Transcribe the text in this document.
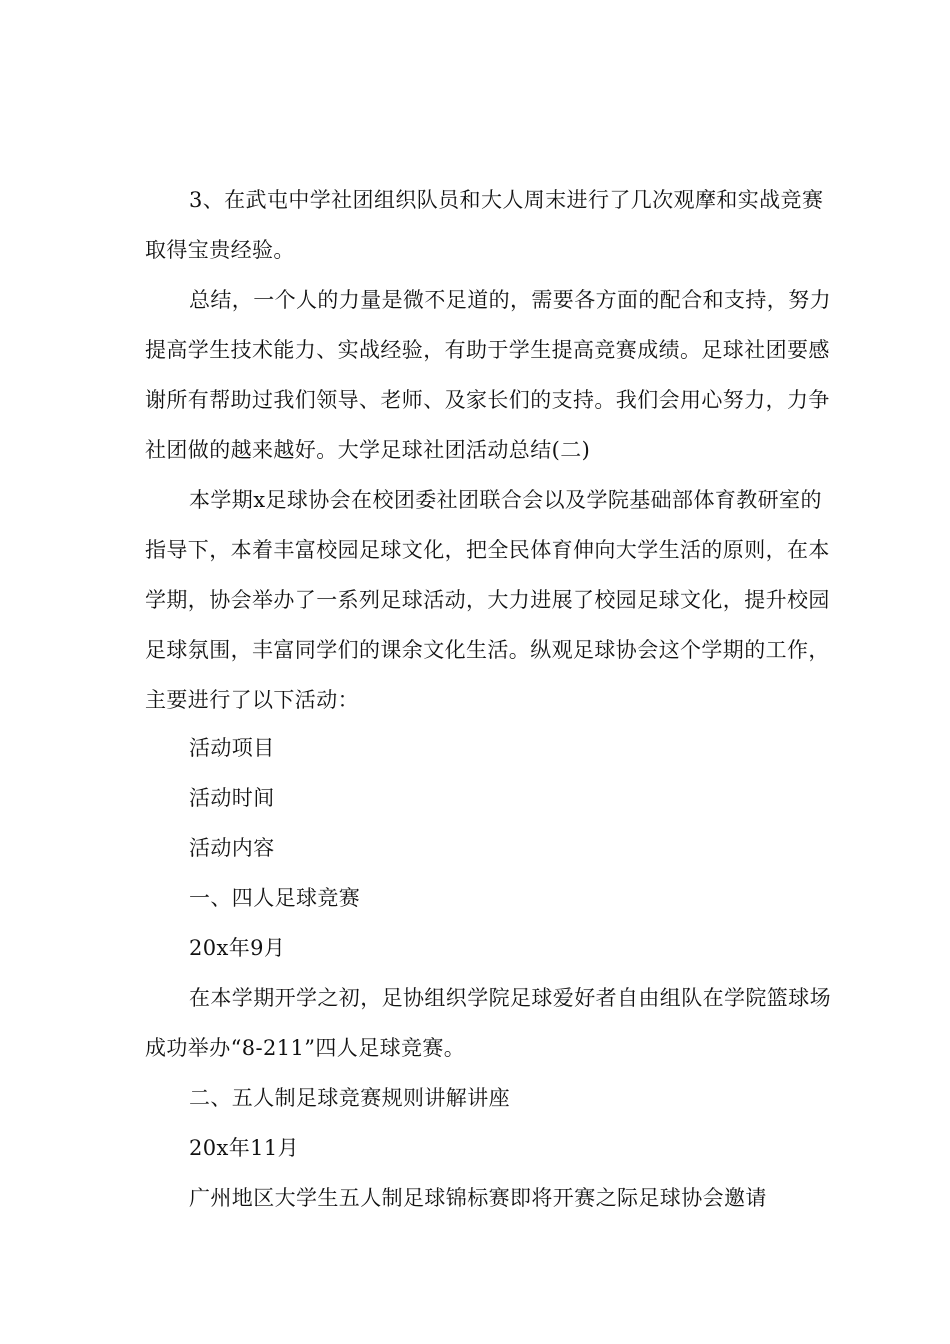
3、在武屯中学社团组织队员和大人周末进行了几次观摩和实战竞赛取得宝贵经验。

总结，一个人的力量是微不足道的，需要各方面的配合和支持，努力提高学生技术能力、实战经验，有助于学生提高竞赛成绩。足球社团要感谢所有帮助过我们领导、老师、及家长们的支持。我们会用心努力，力争社团做的越来越好。大学足球社团活动总结(二)

本学期x足球协会在校团委社团联合会以及学院基础部体育教研室的指导下，本着丰富校园足球文化，把全民体育伸向大学生活的原则，在本学期，协会举办了一系列足球活动，大力进展了校园足球文化，提升校园足球氛围，丰富同学们的课余文化生活。纵观足球协会这个学期的工作，主要进行了以下活动：

活动项目

活动时间

活动内容

一、四人足球竞赛

20x年9月

在本学期开学之初，足协组织学院足球爱好者自由组队在学院篮球场成功举办“8-211”四人足球竞赛。

二、五人制足球竞赛规则讲解讲座

20x年11月

广州地区大学生五人制足球锦标赛即将开赛之际足球协会邀请
